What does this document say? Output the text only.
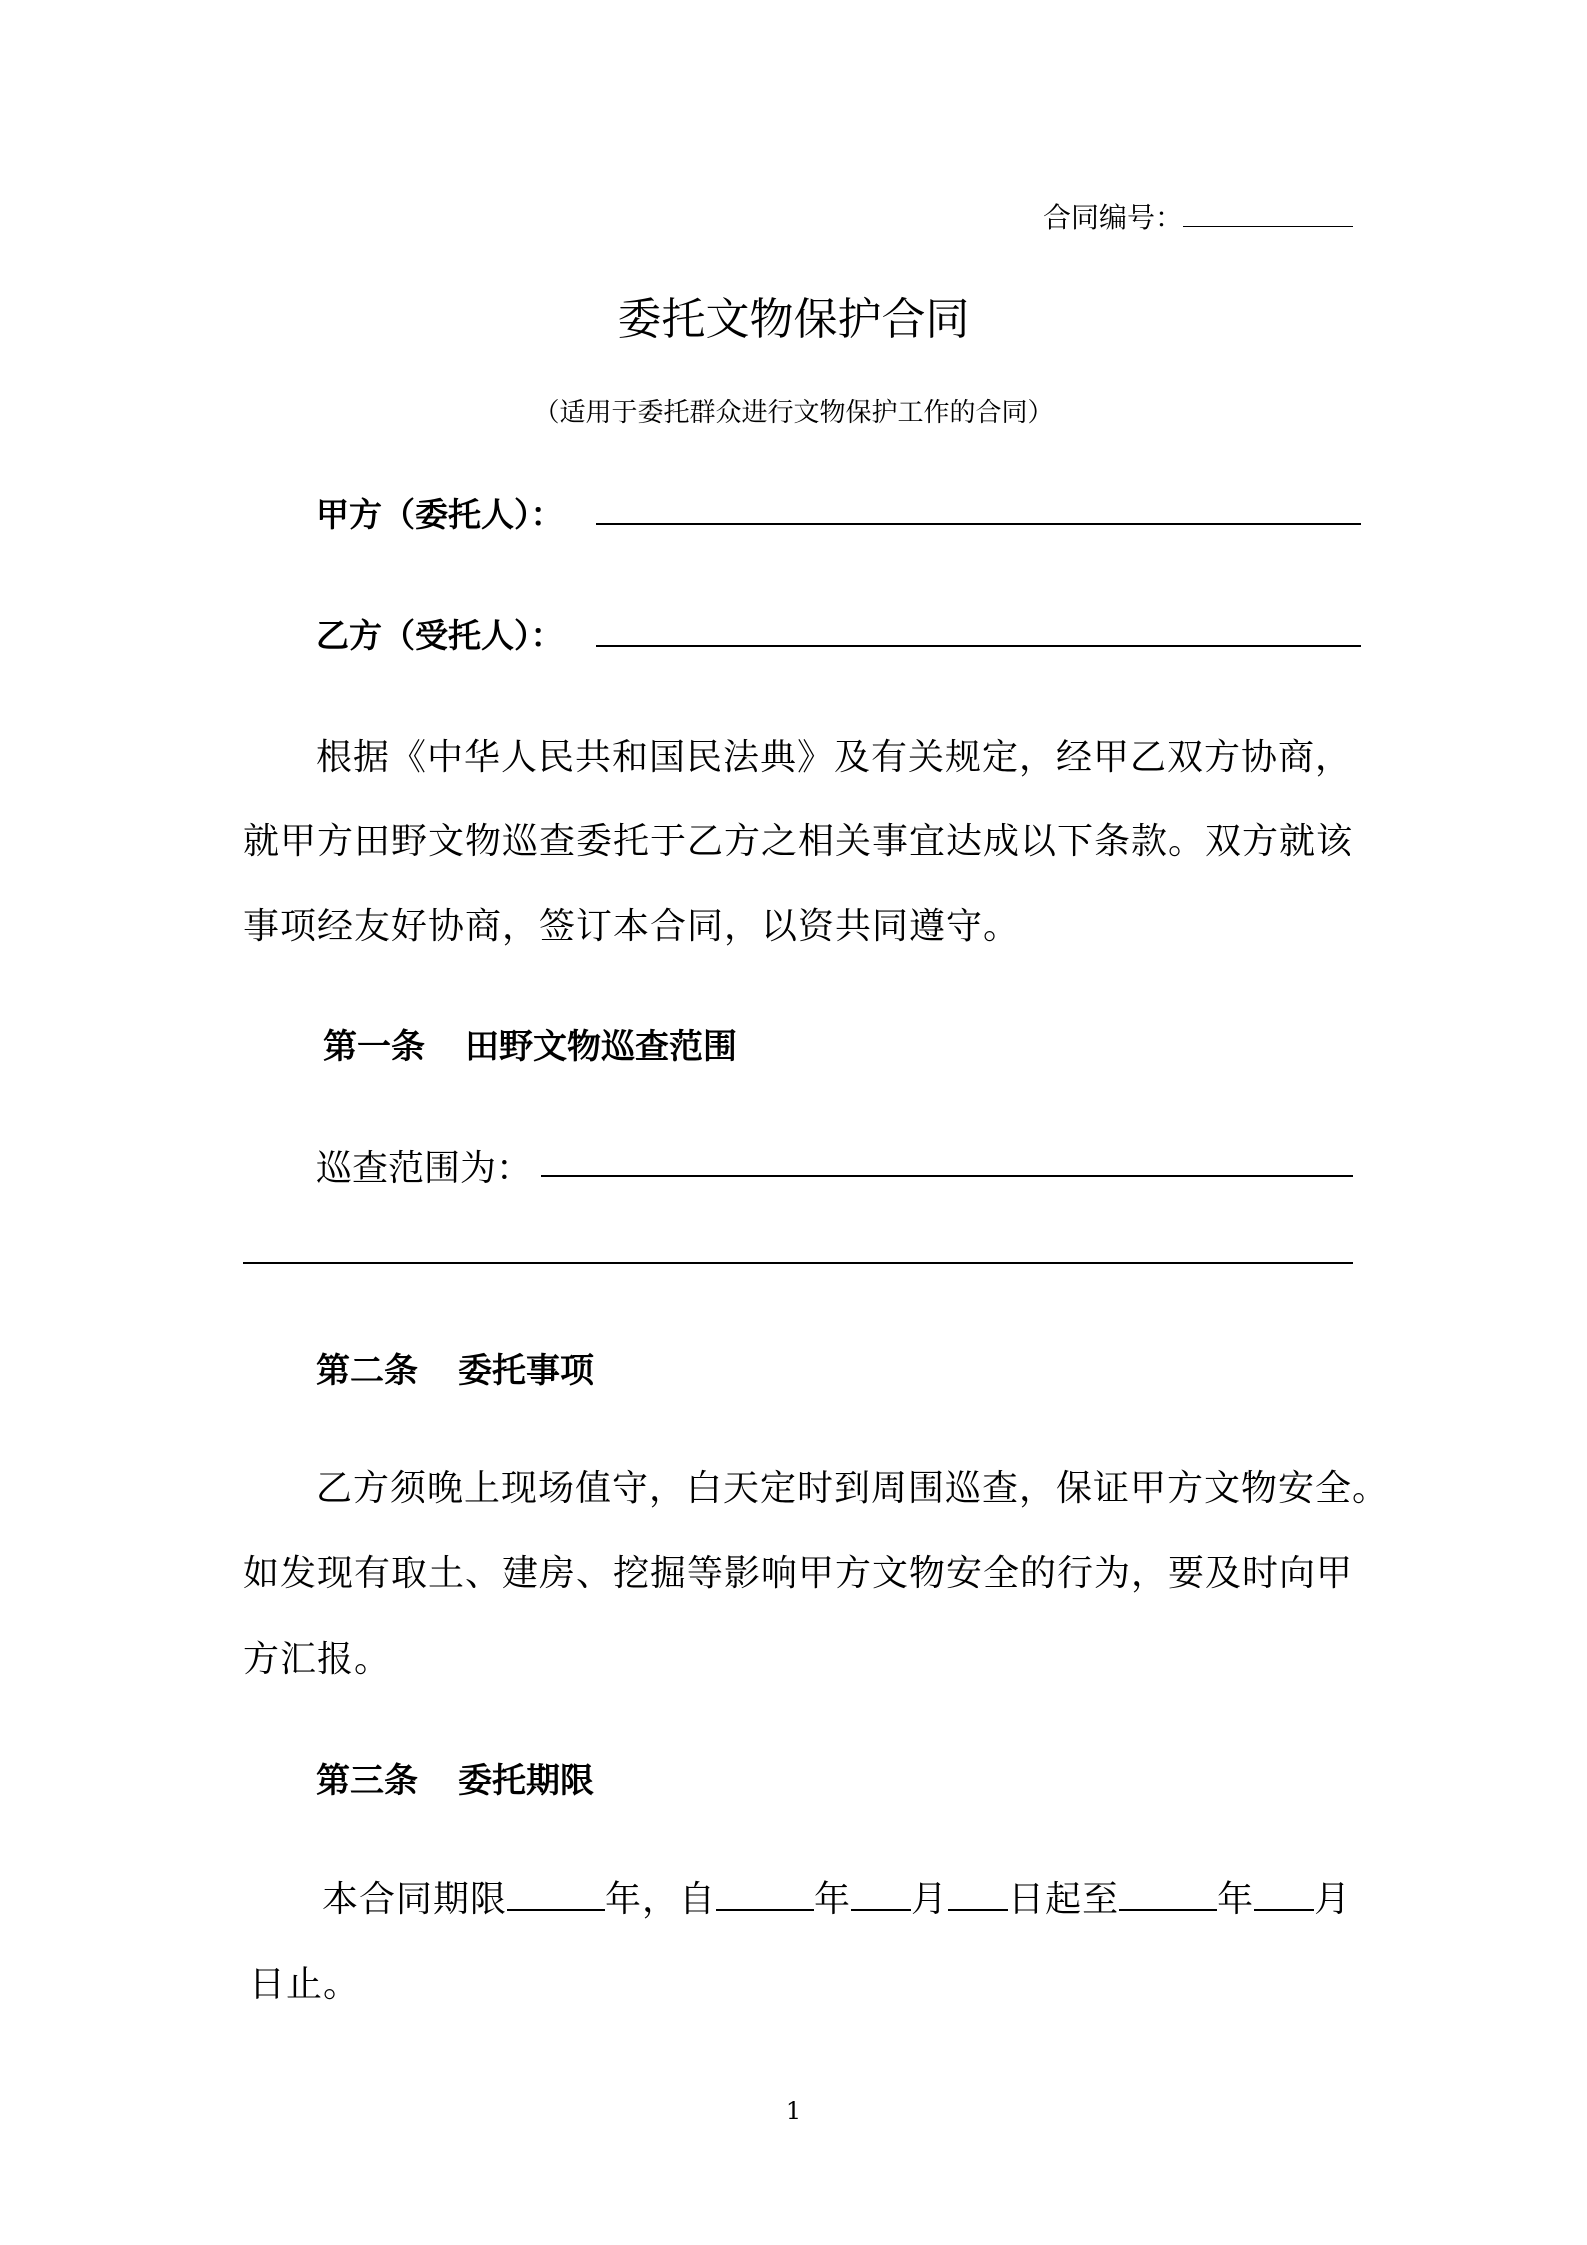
合同编号：
委托文物保护合同
（适用于委托群众进行文物保护工作的合同）
甲方（委托人）：
乙方（受托人）：
根据《中华人民共和国民法典》及有关规定，经甲乙双方协商，
就甲方田野文物巡查委托于乙方之相关事宜达成以下条款。双方就该
事项经友好协商，签订本合同，以资共同遵守。
第一条 田野文物巡查范围
巡查范围为：
第二条 委托事项
乙方须晚上现场值守，白天定时到周围巡查，保证甲方文物安全。
如发现有取土、建房、挖掘等影响甲方文物安全的行为，要及时向甲
方汇报。
第三条 委托期限
本合同期限	年，自	年 月 日起至	年 月
日止。
1
